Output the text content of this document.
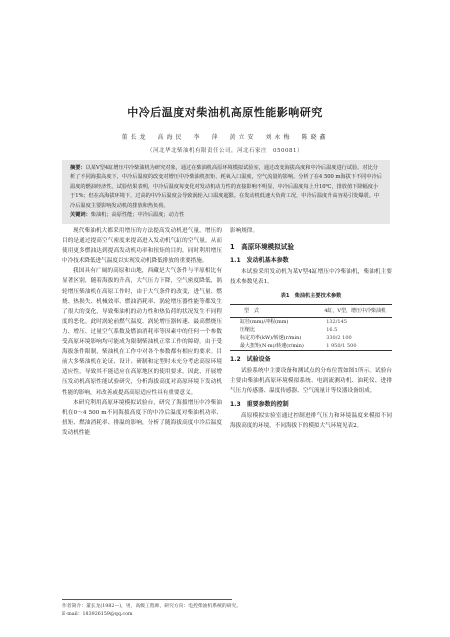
中冷后温度对柴油机高原性能影响研究
董长龙　高海民　李　萍　黄立安　刘永梅　陈晓鑫
（河北华北柴油机有限责任公司，河北石家庄　050081）
摘要：以某V型4缸增压中冷柴油机为研究对象，通过在柴油机高原环境模拟试验室，通过改变海拔高度和中冷后温度进行试验。对比分析了不同海拔高度下，中冷后温度的改变对增压中冷柴油机扭矩、耗氧入口温度，空气流量的影响。分析了在4 500 m海拔下不同中冷后温度的燃油经济性。试验结果表明，中冷后温度每变化对发动机动力性的直接影响不明显，中冷后温度每上升10℃，排放值下降幅度小于1%；但在高海拔环境下，过高的中冷后温度会导致涡轮入口温度超限。在发动机低速大负荷工况，中冷后温度升高容易引发爆震。中冷后温度主要影响发动机的排放和热负荷。
关键词：柴油机；高原性能；中冷后温度；动力性

现代柴油机大都采用增压的方法提高发动机进气量，增压的目的是通过提高空气密度来提高进入发动机气缸的空气量，从而使用更多燃油达到提高发动机功率和扭矩的目的。同时利用增压中冷技术降低进气温度以实现发动机降低排放的重要措施。

我国具有广阔的高原和山地，西藏是大气条件与平原相比有显著区别，随着海拔的升高，大气压力下降，空气密度降低，涡轮增压柴油机在高原工作时，由于大气条件的改变，进气量、燃烧、热损失、机械效率、燃油消耗率、涡轮增压器性能等都发生了很大的变化，导致柴油机的动力性和热负荷的状况发生不同程度的恶化。此时涡轮前燃气温度、涡轮增压器转速、最高燃烧压力、增压、过量空气系数及燃油消耗率等因素中的任何一个参数受高原环境影响均可能成为限制柴油机正常工作的障碍。由于受海拔条件限制，柴油机在工作中对各个参数都有相应的要求。目前大多柴油机在论证、设计、研制和定型时未充分考虑高原环境适应性，导致其不能适应在高原地区的使用要求。因此，开展增压发动机高原性能试验研究，分析海拔高度对高原环境下发动机性能的影响，对改善或提高高原适应性具有重要意义。

本研究利用高原环境模拟试验台，研究了海拔增压中冷柴油机在0～4 500 m不同海拔高度下的中冷后温度对柴油机功率、扭矩、燃油消耗率、排温的影响，分析了随海拔高度中冷后温度发动机性能

影响规律。
1　高原环境模拟试验
1.1　发动机基本参数

本试验采用发动机为某V型4缸增压中冷柴油机，柴油机主要技术参数见表1。

表1　柴油机主要技术参数
型　式	4缸，V型，增压中冷柴油机
缸径(mm)/冲程(mm)	132/145
压缩比	16.5
标定功率(kW)/转速(r/min)	330/2 100
最大扭矩(N·m)/转速(r/min)	1 950/1 500
1.2　试验设备

试验系统中主要设备和测试点的分布位置如图1所示。试验台主要由柴油机高原环境模拟系统、电涡流测功机、油耗仪、进排气压力传感器、温度传感器、空气流量计等仪器设备组成。

1.3　重要参数的控制

高原模拟实验室通过控制进排气压力和环境温度来模拟不同海拔高度的环境，不同海拔下的模拟大气环境见表2。

作者简介：董长龙(1982—)，男，高级工程师，研究方向：电控柴油机系统的研究。
E-mail：183926159@qq.com
